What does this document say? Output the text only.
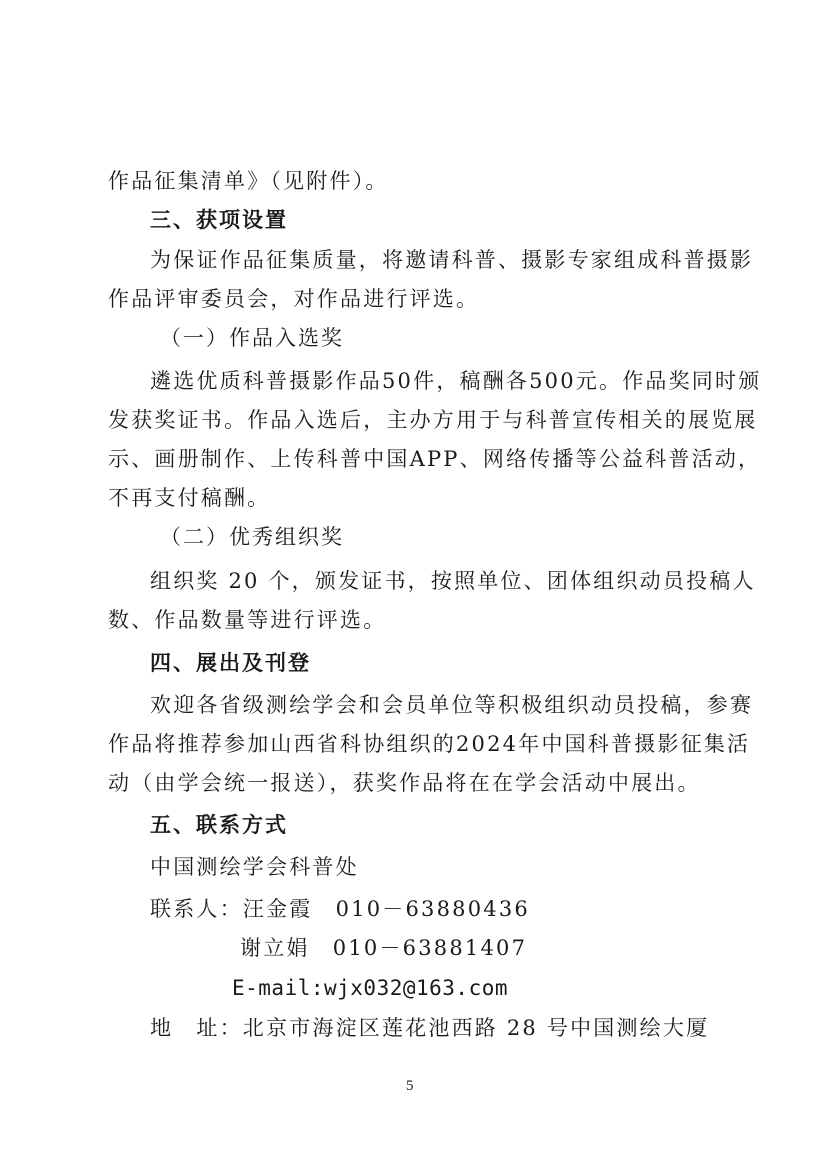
作品征集清单》（见附件）。
三、获项设置
为保证作品征集质量，将邀请科普、摄影专家组成科普摄影
作品评审委员会，对作品进行评选。
（一）作品入选奖
遴选优质科普摄影作品50件，稿酬各500元。作品奖同时颁
发获奖证书。作品入选后，主办方用于与科普宣传相关的展览展
示、画册制作、上传科普中国APP、网络传播等公益科普活动，
不再支付稿酬。
（二）优秀组织奖
组织奖 20 个，颁发证书，按照单位、团体组织动员投稿人
数、作品数量等进行评选。
四、展出及刊登
欢迎各省级测绘学会和会员单位等积极组织动员投稿，参赛
作品将推荐参加山西省科协组织的2024年中国科普摄影征集活
动（由学会统一报送），获奖作品将在在学会活动中展出。
五、联系方式
中国测绘学会科普处
联系人：汪金霞　010－63880436
谢立娟　010－63881407
E-mail:wjx032@163.com
地　址：北京市海淀区莲花池西路 28 号中国测绘大厦
5
